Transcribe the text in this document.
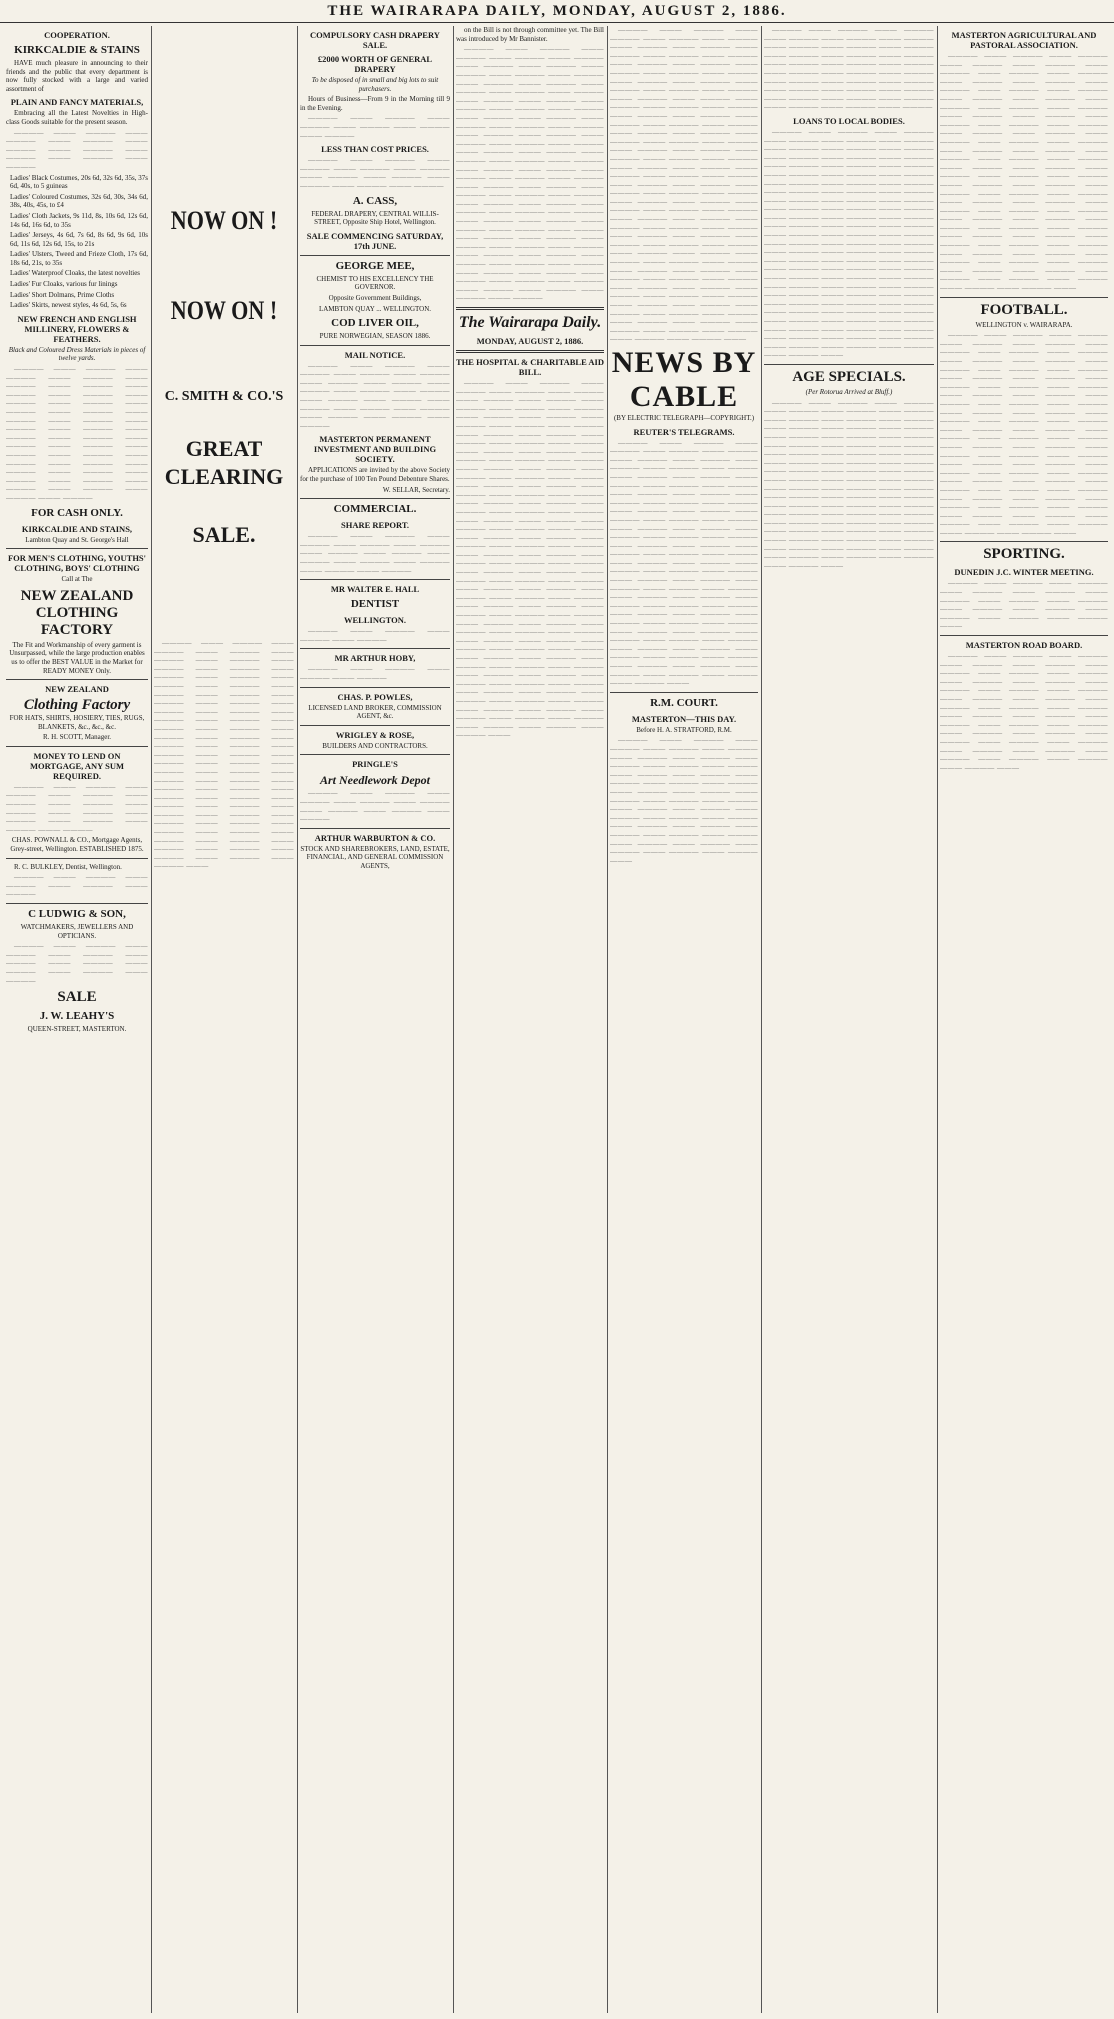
THE WAIRARAPA DAILY, MONDAY, AUGUST 2, 1886.
COOPERATION.
KIRKCALDIE & STAINS

HAVE much pleasure in announcing to their friends and the public that every department is now fully stocked with a large and varied assortment of

PLAIN AND FANCY MATERIALS,

Embracing all the Latest Novelties in High-class Goods suitable for the present season.

———— ——— ———— ——— ———— ——— ———— ——— ———— ——— ———— ——— ———— ——— ———— ——— ————

Ladies' Black Costumes, 20s 6d, 32s 6d, 35s, 37s 6d, 40s, to 5 guineas

Ladies' Coloured Costumes, 32s 6d, 30s, 34s 6d, 38s, 40s, 45s, to £4

Ladies' Cloth Jackets, 9s 11d, 8s, 10s 6d, 12s 6d, 14s 6d, 16s 6d, to 35s

Ladies' Jerseys, 4s 6d, 7s 6d, 8s 6d, 9s 6d, 10s 6d, 11s 6d, 12s 6d, 15s, to 21s

Ladies' Ulsters, Tweed and Frieze Cloth, 17s 6d, 18s 6d, 21s, to 35s

Ladies' Waterproof Cloaks, the latest novelties

Ladies' Fur Cloaks, various fur linings

Ladies' Short Dolmans, Prime Cloths

Ladies' Skirts, newest styles, 4s 6d, 5s, 6s

NEW FRENCH AND ENGLISH MILLINERY, FLOWERS & FEATHERS.

Black and Coloured Dress Materials in pieces of twelve yards.

———— ——— ———— ——— ———— ——— ———— ——— ———— ——— ———— ——— ———— ——— ———— ——— ———— ——— ———— ——— ———— ——— ———— ——— ———— ——— ———— ——— ———— ——— ———— ——— ———— ——— ———— ——— ———— ——— ———— ——— ———— ——— ———— ——— ———— ——— ———— ——— ———— ——— ———— ——— ———— ——— ———— ——— ———— ——— ———— ——— ———— ——— ————

FOR CASH ONLY.
KIRKCALDIE AND STAINS,

Lambton Quay and St. George's Hall

FOR MEN'S CLOTHING, YOUTHS' CLOTHING, BOYS' CLOTHING

Call at The

NEW ZEALAND CLOTHING FACTORY

The Fit and Workmanship of every garment is Unsurpassed, while the large production enables us to offer the BEST VALUE in the Market for READY MONEY Only.

NEW ZEALAND
Clothing Factory

FOR HATS, SHIRTS, HOSIERY, TIES, RUGS, BLANKETS, &c., &c., &c.

R. H. SCOTT, Manager.

MONEY TO LEND ON MORTGAGE, ANY SUM REQUIRED.

———— ——— ———— ——— ———— ——— ———— ——— ———— ——— ———— ——— ———— ——— ———— ——— ———— ——— ———— ——— ———— ——— ————

CHAS. POWNALL & CO., Mortgage Agents, Grey-street, Wellington. ESTABLISHED 1875.

R. C. BULKLEY, Dentist, Wellington.

———— ——— ———— ——— ———— ——— ———— ——— ————

C LUDWIG & SON,

WATCHMAKERS, JEWELLERS AND OPTICIANS.

———— ——— ———— ——— ———— ——— ———— ——— ———— ——— ———— ——— ———— ——— ———— ——— ————

SALE
J. W. LEAHY'S

QUEEN-STREET, MASTERTON.

NOW ON !
NOW ON !
C. SMITH & CO.'S
GREAT CLEARING
SALE.

———— ——— ———— ——— ———— ——— ———— ——— ———— ——— ———— ——— ———— ——— ———— ——— ———— ——— ———— ——— ———— ——— ———— ——— ———— ——— ———— ——— ———— ——— ———— ——— ———— ——— ———— ——— ———— ——— ———— ——— ———— ——— ———— ——— ———— ——— ———— ——— ———— ——— ———— ——— ———— ——— ———— ——— ———— ——— ———— ——— ———— ——— ———— ——— ———— ——— ———— ——— ———— ——— ———— ——— ———— ——— ———— ——— ———— ——— ———— ——— ———— ——— ———— ——— ———— ——— ———— ——— ———— ——— ———— ——— ———— ——— ———— ——— ———— ——— ———— ——— ———— ——— ———— ——— ———— ———

COMPULSORY CASH DRAPERY SALE.
£2000 WORTH OF GENERAL DRAPERY

To be disposed of in small and big lots to suit purchasers.

Hours of Business—From 9 in the Morning till 9 in the Evening.

———— ——— ———— ——— ———— ——— ———— ——— ———— ——— ————

LESS THAN COST PRICES.

———— ——— ———— ——— ———— ——— ———— ——— ———— ——— ———— ——— ———— ——— ———— ——— ———— ——— ————

A. CASS,

FEDERAL DRAPERY, CENTRAL WILLIS-STREET, Opposite Ship Hotel, Wellington.

SALE COMMENCING SATURDAY, 17th JUNE.
GEORGE MEE,

CHEMIST TO HIS EXCELLENCY THE GOVERNOR.

Opposite Government Buildings,

LAMBTON QUAY ... WELLINGTON.

COD LIVER OIL,

PURE NORWEGIAN, SEASON 1886.

MAIL NOTICE.

———— ——— ———— ——— ———— ——— ———— ——— ———— ——— ———— ——— ———— ——— ———— ——— ———— ——— ———— ——— ———— ——— ———— ——— ———— ——— ———— ——— ———— ——— ———— ——— ———— ——— ————

MASTERTON PERMANENT INVESTMENT AND BUILDING SOCIETY.

APPLICATIONS are invited by the above Society for the purchase of 100 Ten Pound Debenture Shares.

W. SELLAR, Secretary.

COMMERCIAL.
SHARE REPORT.

———— ——— ———— ——— ———— ——— ———— ——— ———— ——— ———— ——— ———— ——— ———— ——— ———— ——— ———— ——— ———— ——— ————

MR WALTER E. HALL
DENTIST
WELLINGTON.

———— ——— ———— ——— ———— ——— ————

MR ARTHUR HOBY,

———— ——— ———— ——— ———— ——— ————

CHAS. P. POWLES,

LICENSED LAND BROKER, COMMISSION AGENT, &c.

WRIGLEY & ROSE,

BUILDERS AND CONTRACTORS.

PRINGLE'S
Art Needlework Depot

———— ——— ———— ——— ———— ——— ———— ——— ———— ——— ———— ——— ———— ——— ————

ARTHUR WARBURTON & CO.

STOCK AND SHAREBROKERS, LAND, ESTATE, FINANCIAL, AND GENERAL COMMISSION AGENTS,

on the Bill is not through committee yet. The Bill was introduced by Mr Bannister.

———— ——— ———— ——— ———— ——— ———— ——— ———— ——— ———— ——— ———— ——— ———— ——— ———— ——— ———— ——— ———— ——— ———— ——— ———— ——— ———— ——— ———— ——— ———— ——— ———— ——— ———— ——— ———— ——— ———— ——— ———— ——— ———— ——— ———— ——— ———— ——— ———— ——— ———— ——— ———— ——— ———— ——— ———— ——— ———— ——— ———— ——— ———— ——— ———— ——— ———— ——— ———— ——— ———— ——— ———— ——— ———— ——— ———— ——— ———— ——— ———— ——— ———— ——— ———— ——— ———— ——— ———— ——— ———— ——— ———— ——— ———— ——— ———— ——— ———— ——— ———— ——— ———— ——— ———— ——— ———— ——— ———— ——— ———— ——— ———— ——— ———— ——— ———— ——— ———— ——— ———— ——— ———— ——— ———— ——— ———— ——— ———— ——— ———— ——— ———— ——— ———— ——— ———— ——— ———— ——— ———— ——— ———— ——— ———— ——— ————

The Wairarapa Daily.
MONDAY, AUGUST 2, 1886.
THE HOSPITAL & CHARITABLE AID BILL.

———— ——— ———— ——— ———— ——— ———— ——— ———— ——— ———— ——— ———— ——— ———— ——— ———— ——— ———— ——— ———— ——— ———— ——— ———— ——— ———— ——— ———— ——— ———— ——— ———— ——— ———— ——— ———— ——— ———— ——— ———— ——— ———— ——— ———— ——— ———— ——— ———— ——— ———— ——— ———— ——— ———— ——— ———— ——— ———— ——— ———— ——— ———— ——— ———— ——— ———— ——— ———— ——— ———— ——— ———— ——— ———— ——— ———— ——— ———— ——— ———— ——— ———— ——— ———— ——— ———— ——— ———— ——— ———— ——— ———— ——— ———— ——— ———— ——— ———— ——— ———— ——— ———— ——— ———— ——— ———— ——— ———— ——— ———— ——— ———— ——— ———— ——— ———— ——— ———— ——— ———— ——— ———— ——— ———— ——— ———— ——— ———— ——— ———— ——— ———— ——— ———— ——— ———— ——— ———— ——— ———— ——— ———— ——— ———— ——— ———— ——— ———— ——— ———— ——— ———— ——— ———— ——— ———— ——— ———— ——— ———— ——— ———— ——— ———— ——— ———— ——— ———— ——— ———— ——— ———— ——— ———— ——— ———— ——— ———— ——— ———— ——— ———— ——— ———— ——— ———— ——— ———— ——— ———— ——— ———— ——— ———— ——— ———— ——— ———— ——— ———— ——— ———— ——— ———— ———

———— ——— ———— ——— ———— ——— ———— ——— ———— ——— ———— ——— ———— ——— ———— ——— ———— ——— ———— ——— ———— ——— ———— ——— ———— ——— ———— ——— ———— ——— ———— ——— ———— ——— ———— ——— ———— ——— ———— ——— ———— ——— ———— ——— ———— ——— ———— ——— ———— ——— ———— ——— ———— ——— ———— ——— ———— ——— ———— ——— ———— ——— ———— ——— ———— ——— ———— ——— ———— ——— ———— ——— ———— ——— ———— ——— ———— ——— ———— ——— ———— ——— ———— ——— ———— ——— ———— ——— ———— ——— ———— ——— ———— ——— ———— ——— ———— ——— ———— ——— ———— ——— ———— ——— ———— ——— ———— ——— ———— ——— ———— ——— ———— ——— ———— ——— ———— ——— ———— ——— ———— ——— ———— ——— ———— ——— ———— ——— ———— ——— ———— ——— ———— ——— ———— ——— ———— ——— ———— ——— ———— ——— ———— ——— ———— ——— ———— ——— ———— ——— ———— ——— ———— ——— ———— ——— ———— ——— ———— ——— ———— ——— ———— ——— ———— ——— ———— ——— ———— ——— ———— ——— ———— ——— ———— ——— ———— ——— ———— ——— ———— ——— ———— ———

NEWS BY CABLE

(BY ELECTRIC TELEGRAPH—COPYRIGHT.)

REUTER'S TELEGRAMS.

———— ——— ———— ——— ———— ——— ———— ——— ———— ——— ———— ——— ———— ——— ———— ——— ———— ——— ———— ——— ———— ——— ———— ——— ———— ——— ———— ——— ———— ——— ———— ——— ———— ——— ———— ——— ———— ——— ———— ——— ———— ——— ———— ——— ———— ——— ———— ——— ———— ——— ———— ——— ———— ——— ———— ——— ———— ——— ———— ——— ———— ——— ———— ——— ———— ——— ———— ——— ———— ——— ———— ——— ———— ——— ———— ——— ———— ——— ———— ——— ———— ——— ———— ——— ———— ——— ———— ——— ———— ——— ———— ——— ———— ——— ———— ——— ———— ——— ———— ——— ———— ——— ———— ——— ———— ——— ———— ——— ———— ——— ———— ——— ———— ——— ———— ——— ———— ——— ———— ——— ———— ——— ———— ——— ———— ——— ———— ——— ———— ——— ———— ——— ———— ——— ———— ——— ———— ——— ———— ——— ———— ———

R.M. COURT.
MASTERTON—THIS DAY.

Before H. A. STRATFORD, R.M.

———— ——— ———— ——— ———— ——— ———— ——— ———— ——— ———— ——— ———— ——— ———— ——— ———— ——— ———— ——— ———— ——— ———— ——— ———— ——— ———— ——— ———— ——— ———— ——— ———— ——— ———— ——— ———— ——— ———— ——— ———— ——— ———— ——— ———— ——— ———— ——— ———— ——— ———— ——— ———— ——— ———— ——— ———— ——— ———— ——— ———— ——— ———— ——— ———— ——— ———— ——— ———— ———

———— ——— ———— ——— ———— ——— ———— ——— ———— ——— ———— ——— ———— ——— ———— ——— ———— ——— ———— ——— ———— ——— ———— ——— ———— ——— ———— ——— ———— ——— ———— ——— ———— ——— ———— ——— ———— ——— ———— ——— ———— ——— ———— ——— ———— ——— ———— ——— ———— ——— ———— ——— ———— ——— ———— ——— ———— ——— ————

LOANS TO LOCAL BODIES.

———— ——— ———— ——— ———— ——— ———— ——— ———— ——— ———— ——— ———— ——— ———— ——— ———— ——— ———— ——— ———— ——— ———— ——— ———— ——— ———— ——— ———— ——— ———— ——— ———— ——— ———— ——— ———— ——— ———— ——— ———— ——— ———— ——— ———— ——— ———— ——— ———— ——— ———— ——— ———— ——— ———— ——— ———— ——— ———— ——— ———— ——— ———— ——— ———— ——— ———— ——— ———— ——— ———— ——— ———— ——— ———— ——— ———— ——— ———— ——— ———— ——— ———— ——— ———— ——— ———— ——— ———— ——— ———— ——— ———— ——— ———— ——— ———— ——— ———— ——— ———— ——— ———— ——— ———— ——— ———— ——— ———— ——— ———— ——— ———— ——— ———— ——— ———— ——— ———— ——— ———— ——— ———— ——— ———— ——— ———— ——— ———— ——— ———— ——— ———— ——— ———— ——— ———— ——— ———— ——— ———— ——— ———— ——— ———— ——— ———— ——— ———— ——— ———— ——— ———— ——— ———— ——— ———— ———

AGE SPECIALS.

(Per Rotorua Arrived at Bluff.)

———— ——— ———— ——— ———— ——— ———— ——— ———— ——— ———— ——— ———— ——— ———— ——— ———— ——— ———— ——— ———— ——— ———— ——— ———— ——— ———— ——— ———— ——— ———— ——— ———— ——— ———— ——— ———— ——— ———— ——— ———— ——— ———— ——— ———— ——— ———— ——— ———— ——— ———— ——— ———— ——— ———— ——— ———— ——— ———— ——— ———— ——— ———— ——— ———— ——— ———— ——— ———— ——— ———— ——— ———— ——— ———— ——— ———— ——— ———— ——— ———— ——— ———— ——— ———— ——— ———— ——— ———— ——— ———— ——— ———— ——— ———— ——— ———— ——— ———— ——— ———— ——— ———— ——— ———— ——— ———— ——— ———— ——— ———— ——— ———— ——— ———— ———

MASTERTON AGRICULTURAL AND PASTORAL ASSOCIATION.

———— ——— ———— ——— ———— ——— ———— ——— ———— ——— ———— ——— ———— ——— ———— ——— ———— ——— ———— ——— ———— ——— ———— ——— ———— ——— ———— ——— ———— ——— ———— ——— ———— ——— ———— ——— ———— ——— ———— ——— ———— ——— ———— ——— ———— ——— ———— ——— ———— ——— ———— ——— ———— ——— ———— ——— ———— ——— ———— ——— ———— ——— ———— ——— ———— ——— ———— ——— ———— ——— ———— ——— ———— ——— ———— ——— ———— ——— ———— ——— ———— ——— ———— ——— ———— ——— ———— ——— ———— ——— ———— ——— ———— ——— ———— ——— ———— ——— ———— ——— ———— ——— ———— ——— ———— ——— ———— ——— ———— ——— ———— ——— ———— ——— ———— ——— ———— ——— ———— ——— ———— ——— ———— ——— ———— ——— ———— ——— ———— ——— ———— ——— ———— ——— ———— ——— ———— ——— ———— ———

FOOTBALL.

WELLINGTON v. WAIRARAPA.

———— ——— ———— ——— ———— ——— ———— ——— ———— ——— ———— ——— ———— ——— ———— ——— ———— ——— ———— ——— ———— ——— ———— ——— ———— ——— ———— ——— ———— ——— ———— ——— ———— ——— ———— ——— ———— ——— ———— ——— ———— ——— ———— ——— ———— ——— ———— ——— ———— ——— ———— ——— ———— ——— ———— ——— ———— ——— ———— ——— ———— ——— ———— ——— ———— ——— ———— ——— ———— ——— ———— ——— ———— ——— ———— ——— ———— ——— ———— ——— ———— ——— ———— ——— ———— ——— ———— ——— ———— ——— ———— ——— ———— ——— ———— ——— ———— ——— ———— ——— ———— ——— ———— ——— ———— ——— ———— ——— ———— ——— ———— ——— ———— ——— ———— ——— ———— ——— ———— ———

SPORTING.
DUNEDIN J.C. WINTER MEETING.

———— ——— ———— ——— ———— ——— ———— ——— ———— ——— ———— ——— ———— ——— ———— ——— ———— ——— ———— ——— ———— ——— ———— ——— ———— ———

MASTERTON ROAD BOARD.

———— ——— ———— ——— ———— ——— ———— ——— ———— ——— ———— ——— ———— ——— ———— ——— ———— ——— ———— ——— ———— ——— ———— ——— ———— ——— ———— ——— ———— ——— ———— ——— ———— ——— ———— ——— ———— ——— ———— ——— ———— ——— ———— ——— ———— ——— ———— ——— ———— ——— ———— ——— ———— ——— ———— ——— ———— ——— ———— ——— ———— ——— ———— ——— ———— ——— ———— ———
